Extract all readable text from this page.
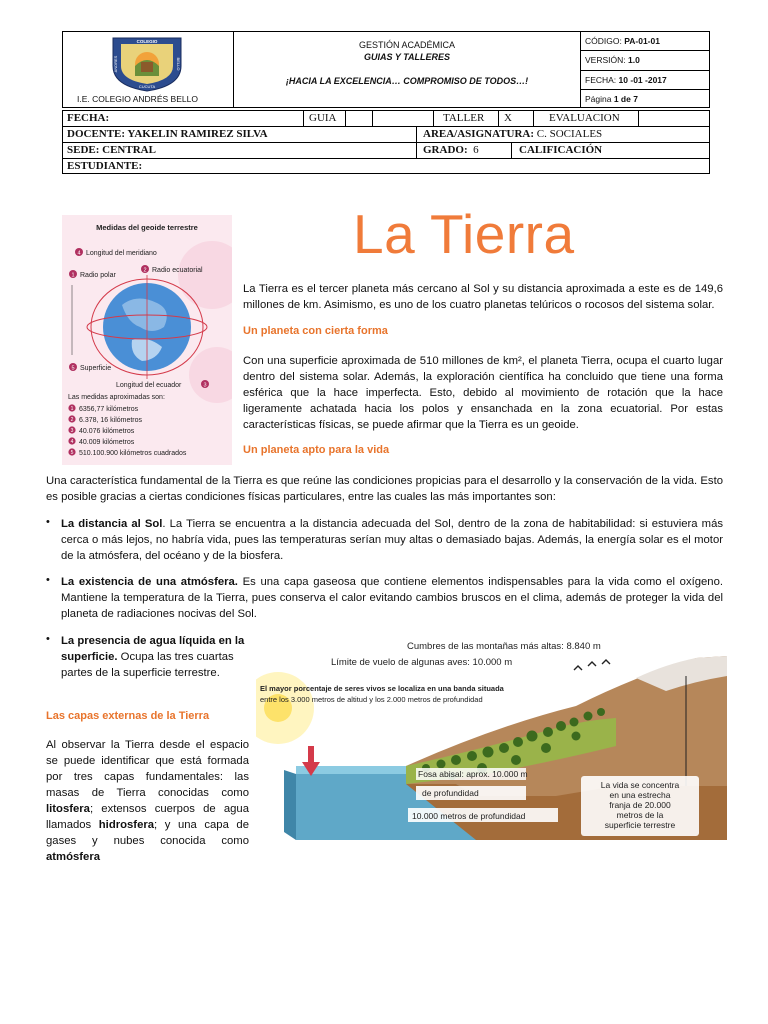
COLEGIO
ANDRES	BELLO
CUCUTA
I.E. COLEGIO ANDRÉS BELLO
GESTIÓN ACADÉMICA
GUIAS Y TALLERES
¡HACIA LA EXCELENCIA… COMPROMISO DE TODOS…!
CÓDIGO: PA-01-01
VERSIÓN: 1.0
FECHA: 10 -01 -2017
Página 1 de 7
FECHA:	GUIA	TALLER	X	EVALUACION
DOCENTE: YAKELIN RAMIREZ SILVA	AREA/ASIGNATURA: C. SOCIALES
SEDE: CENTRAL	GRADO: 6	CALIFICACIÓN
ESTUDIANTE:
Medidas del geoide terrestre
4 Longitud del meridiano
1 Radio polar
2 Radio ecuatorial
5 Superficie
Longitud del ecuador	3
Las medidas aproximadas son:
1 6356,77 kilómetros
2 6.378, 16 kilómetros
3 40.076 kilómetros
4 40.009 kilómetros
5 510.100.900 kilómetros cuadrados
La Tierra
La Tierra es el tercer planeta más cercano al Sol y su distancia aproximada a este es de 149,6 millones de km. Asimismo, es uno de los cuatro planetas telúricos o rocosos del sistema solar.
Un planeta con cierta forma
Con una superficie aproximada de 510 millones de km², el planeta Tierra, ocupa el cuarto lugar dentro del sistema solar. Además, la exploración científica ha concluido que tiene una forma esférica que la hace imperfecta. Esto, debido al movimiento de rotación que la hace ligeramente achatada hacia los polos y ensanchada en la zona ecuatorial. Por estas características físicas, se puede afirmar que la Tierra es un geoide.
Un planeta apto para la vida
Una característica fundamental de la Tierra es que reúne las condiciones propicias para el desarrollo y la conservación de la vida. Esto es posible gracias a ciertas condiciones físicas particulares, entre las cuales las más importantes son:
• La distancia al Sol. La Tierra se encuentra a la distancia adecuada del Sol, dentro de la zona de habitabilidad: si estuviera más cerca o más lejos, no habría vida, pues las temperaturas serían muy altas o demasiado bajas. Además, la energía solar es el motor de la atmósfera, del océano y de la biosfera.
• La existencia de una atmósfera. Es una capa gaseosa que contiene elementos indispensables para la vida como el oxígeno. Mantiene la temperatura de la Tierra, pues conserva el calor evitando cambios bruscos en el clima, además de proteger la vida del planeta de radiaciones nocivas del Sol.
• La presencia de agua líquida en la superficie. Ocupa las tres cuartas partes de la superficie terrestre.
Las capas externas de la Tierra
Al observar la Tierra desde el espacio se puede identificar que está formada por tres capas fundamentales: las masas de Tierra conocidas como litosfera; extensos cuerpos de agua llamados hidrosfera; y una capa de gases y nubes conocida como atmósfera
Cumbres de las montañas más altas: 8.840 m
Límite de vuelo de algunas aves: 10.000 m
El mayor porcentaje de seres vivos se localiza en una banda situada
entre los 3.000 metros de altitud y los 2.000 metros de profundidad
Fosa abisal: aprox. 10.000 m
de profundidad
10.000 metros de profundidad
La vida se concentra
en una estrecha
franja de 20.000
metros de la
superficie terrestre
